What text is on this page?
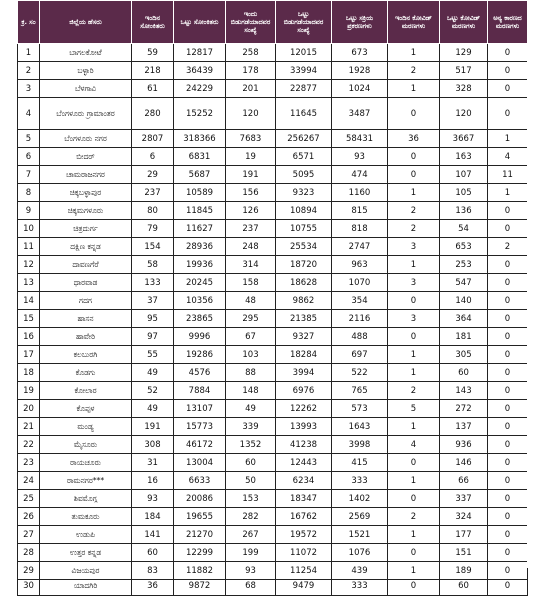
ಕ್ರ. ಸಂ	ಜಿಲ್ಲೆಯ ಹೆಸರು	ಇಂದಿನ ಸೋಂಕಿತರು	ಒಟ್ಟು ಸೋಂಕಿತರು	ಇಂದು ಬಿಡುಗಡೆಯಾದವರ ಸಂಖ್ಯೆ	ಒಟ್ಟು ಬಿಡುಗಡೆಯಾದವರ ಸಂಖ್ಯೆ	ಒಟ್ಟು ಸಕ್ರಿಯ ಪ್ರಕರಣಗಳು	ಇಂದಿನ ಕೋವಿಡ್ ಮರಣಗಳು	ಒಟ್ಟು ಕೋವಿಡ್ ಮರಣಗಳು	ಅನ್ಯ ಕಾರಣದ ಮರಣಗಳು
1	ಬಾಗಲಕೋಟೆ	59	12817	258	12015	673	1	129	0
2	ಬಳ್ಳಾರಿ	218	36439	178	33994	1928	2	517	0
3	ಬೆಳಗಾವಿ	61	24229	201	22877	1024	1	328	0
4	ಬೆಂಗಳೂರು ಗ್ರಾಮಾಂತರ	280	15252	120	11645	3487	0	120	0
5	ಬೆಂಗಳೂರು ನಗರ	2807	318366	7683	256267	58431	36	3667	1
6	ಬೀದರ್	6	6831	19	6571	93	0	163	4
7	ಚಾಮರಾಜನಗರ	29	5687	191	5095	474	0	107	11
8	ಚಿಕ್ಕಬಳ್ಳಾಪುರ	237	10589	156	9323	1160	1	105	1
9	ಚಿಕ್ಕಮಗಳೂರು	80	11845	126	10894	815	2	136	0
10	ಚಿತ್ರದುರ್ಗ	79	11627	237	10755	818	2	54	0
11	ದಕ್ಷಿಣ ಕನ್ನಡ	154	28936	248	25534	2747	3	653	2
12	ದಾವಣಗೆರೆ	58	19936	314	18720	963	1	253	0
13	ಧಾರವಾಡ	133	20245	158	18628	1070	3	547	0
14	ಗದಗ	37	10356	48	9862	354	0	140	0
15	ಹಾಸನ	95	23865	295	21385	2116	3	364	0
16	ಹಾವೇರಿ	97	9996	67	9327	488	0	181	0
17	ಕಲಬುರಗಿ	55	19286	103	18284	697	1	305	0
18	ಕೊಡಗು	49	4576	88	3994	522	1	60	0
19	ಕೋಲಾರ	52	7884	148	6976	765	2	143	0
20	ಕೊಪ್ಪಳ	49	13107	49	12262	573	5	272	0
21	ಮಂಡ್ಯ	191	15773	339	13993	1643	1	137	0
22	ಮೈಸೂರು	308	46172	1352	41238	3998	4	936	0
23	ರಾಯಚೂರು	31	13004	60	12443	415	0	146	0
24	ರಾಮನಗರ***	16	6633	50	6234	333	1	66	0
25	ಶಿವಮೊಗ್ಗ	93	20086	153	18347	1402	0	337	0
26	ತುಮಕೂರು	184	19655	282	16762	2569	2	324	0
27	ಉಡುಪಿ	141	21270	267	19572	1521	1	177	0
28	ಉತ್ತರ ಕನ್ನಡ	60	12299	199	11072	1076	0	151	0
29	ವಿಜಯಪುರ	83	11882	93	11254	439	1	189	0
30	ಯಾದಗಿರಿ	36	9872	68	9479	333	0	60	0
